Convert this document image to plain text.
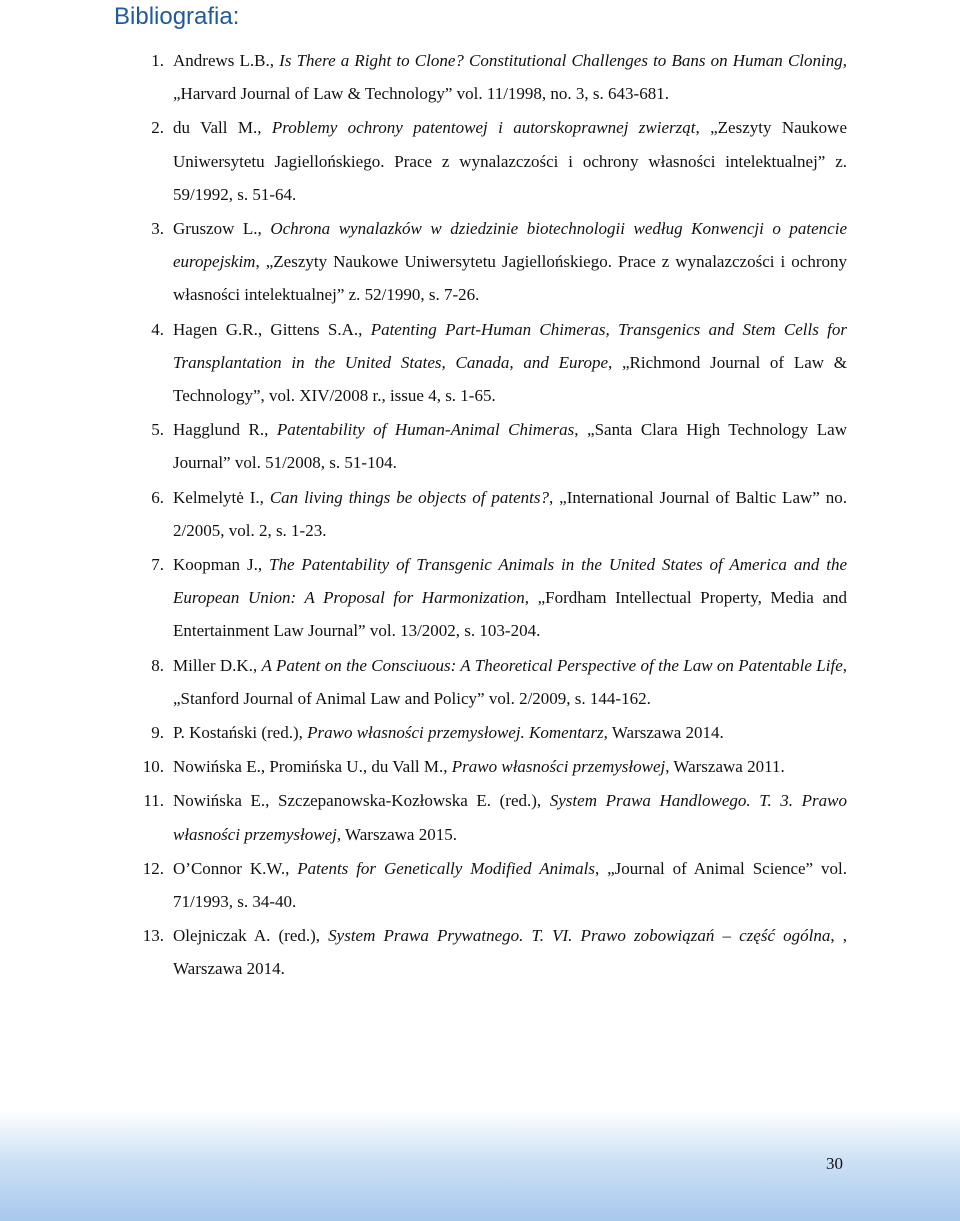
Bibliografia:
1. Andrews L.B., Is There a Right to Clone? Constitutional Challenges to Bans on Human Cloning, „Harvard Journal of Law & Technology” vol. 11/1998, no. 3, s. 643-681.
2. du Vall M., Problemy ochrony patentowej i autorskoprawnej zwierząt, „Zeszyty Naukowe Uniwersytetu Jagiellońskiego. Prace z wynalazczości i ochrony własności intelektualnej” z. 59/1992, s. 51-64.
3. Gruszow L., Ochrona wynalazków w dziedzinie biotechnologii według Konwencji o patencie europejskim, „Zeszyty Naukowe Uniwersytetu Jagiellońskiego. Prace z wynalazczości i ochrony własności intelektualnej” z. 52/1990, s. 7-26.
4. Hagen G.R., Gittens S.A., Patenting Part-Human Chimeras, Transgenics and Stem Cells for Transplantation in the United States, Canada, and Europe, „Richmond Journal of Law & Technology”, vol. XIV/2008 r., issue 4, s. 1-65.
5. Hagglund R., Patentability of Human-Animal Chimeras, „Santa Clara High Technology Law Journal” vol. 51/2008, s. 51-104.
6. Kelmelytė I., Can living things be objects of patents?, „International Journal of Baltic Law” no. 2/2005, vol. 2, s. 1-23.
7. Koopman J., The Patentability of Transgenic Animals in the United States of America and the European Union: A Proposal for Harmonization, „Fordham Intellectual Property, Media and Entertainment Law Journal” vol. 13/2002, s. 103-204.
8. Miller D.K., A Patent on the Consciuous: A Theoretical Perspective of the Law on Patentable Life, „Stanford Journal of Animal Law and Policy” vol. 2/2009, s. 144-162.
9. P. Kostański (red.), Prawo własności przemysłowej. Komentarz, Warszawa 2014.
10. Nowińska E., Promińska U., du Vall M., Prawo własności przemysłowej, Warszawa 2011.
11. Nowińska E., Szczepanowska-Kozłowska E. (red.), System Prawa Handlowego. T. 3. Prawo własności przemysłowej, Warszawa 2015.
12. O’Connor K.W., Patents for Genetically Modified Animals, „Journal of Animal Science” vol. 71/1993, s. 34-40.
13. Olejniczak A. (red.), System Prawa Prywatnego. T. VI. Prawo zobowiązań – część ogólna, , Warszawa 2014.
30
